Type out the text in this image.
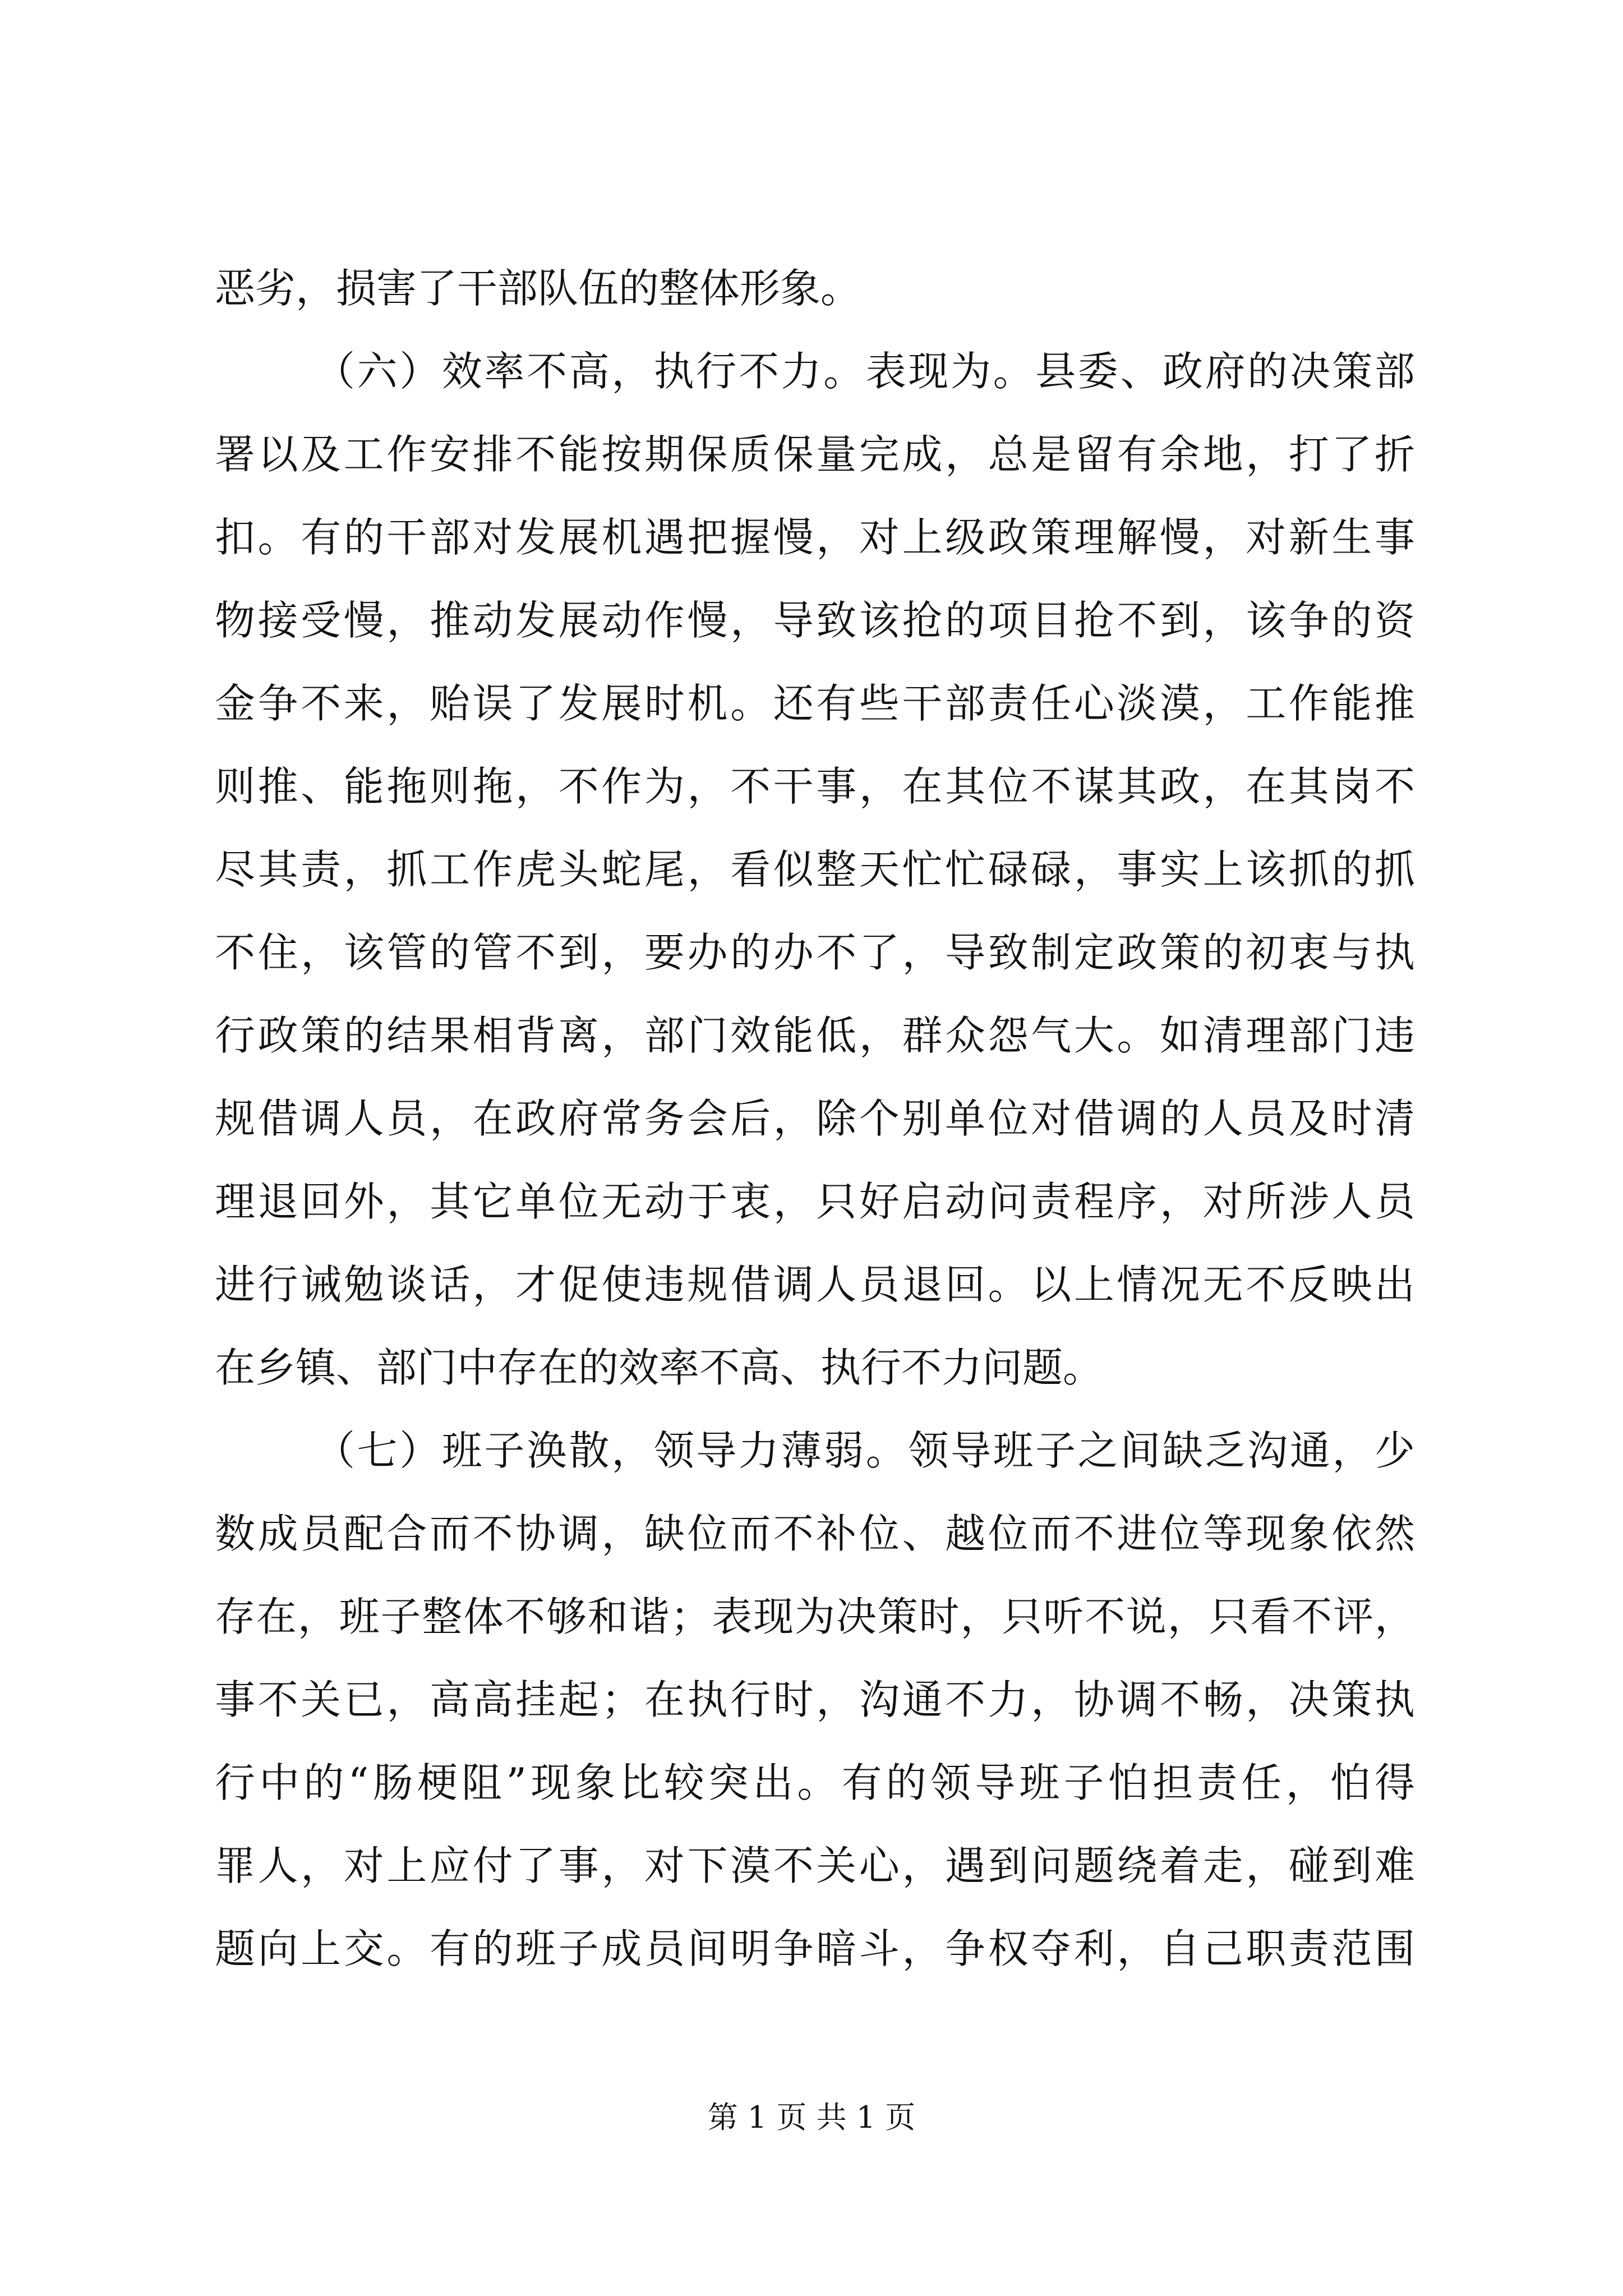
恶劣，损害了干部队伍的整体形象。
（六）效率不高，执行不力。表现为。县委、政府的决策部
署以及工作安排不能按期保质保量完成，总是留有余地，打了折
扣。有的干部对发展机遇把握慢，对上级政策理解慢，对新生事
物接受慢，推动发展动作慢，导致该抢的项目抢不到，该争的资
金争不来，贻误了发展时机。还有些干部责任心淡漠，工作能推
则推、能拖则拖，不作为，不干事，在其位不谋其政，在其岗不
尽其责，抓工作虎头蛇尾，看似整天忙忙碌碌，事实上该抓的抓
不住，该管的管不到，要办的办不了，导致制定政策的初衷与执
行政策的结果相背离，部门效能低，群众怨气大。如清理部门违
规借调人员，在政府常务会后，除个别单位对借调的人员及时清
理退回外，其它单位无动于衷，只好启动问责程序，对所涉人员
进行诫勉谈话，才促使违规借调人员退回。以上情况无不反映出
在乡镇、部门中存在的效率不高、执行不力问题。
（七）班子涣散，领导力薄弱。领导班子之间缺乏沟通，少
数成员配合而不协调，缺位而不补位、越位而不进位等现象依然
存在，班子整体不够和谐；表现为决策时，只听不说，只看不评，
事不关已，高高挂起；在执行时，沟通不力，协调不畅，决策执
行中的“肠梗阻”现象比较突出。有的领导班子怕担责任，怕得
罪人，对上应付了事，对下漠不关心，遇到问题绕着走，碰到难
题向上交。有的班子成员间明争暗斗，争权夺利，自己职责范围
第 1 页 共 1 页
